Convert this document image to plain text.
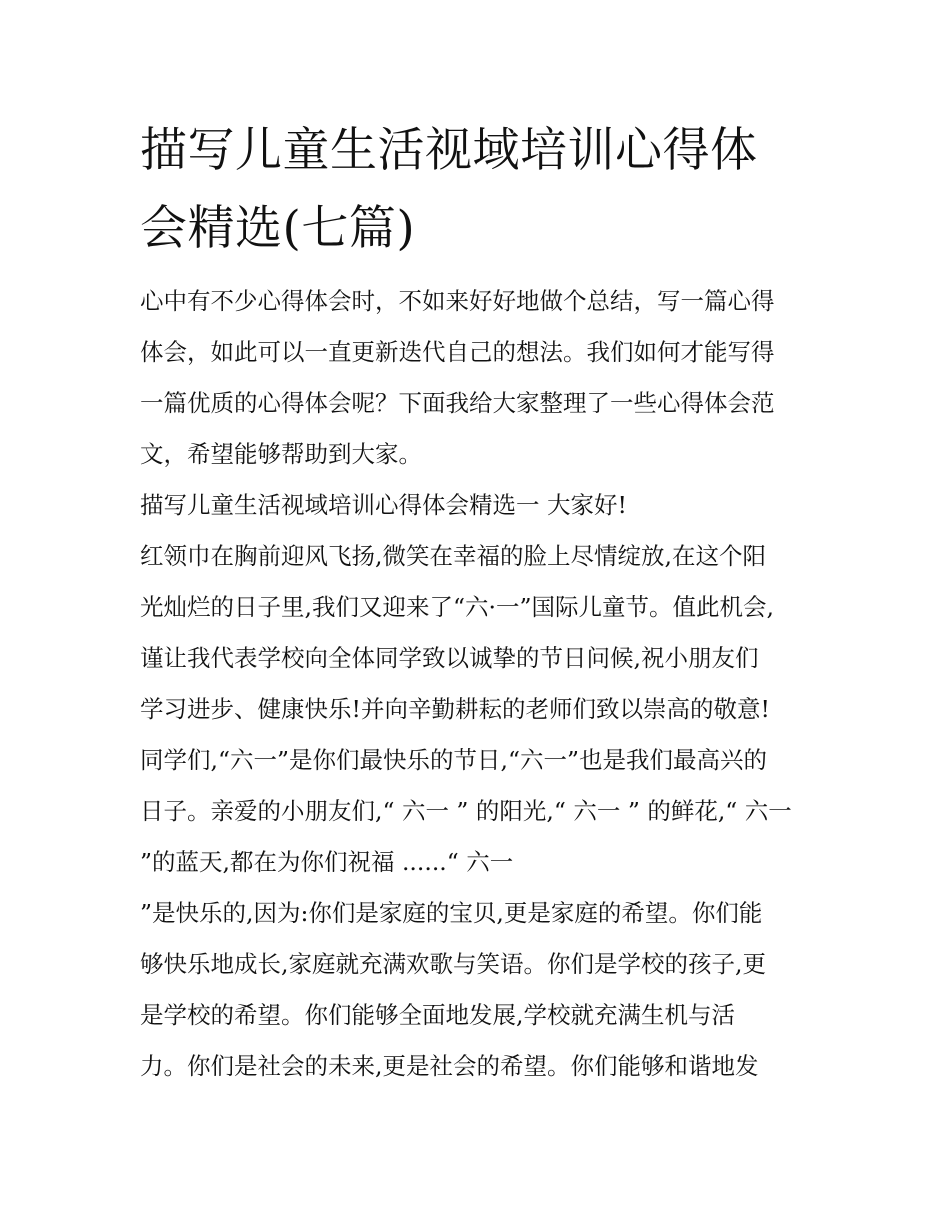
描写儿童生活视域培训心得体
会精选(七篇)
心中有不少心得体会时，不如来好好地做个总结，写一篇心得
体会，如此可以一直更新迭代自己的想法。我们如何才能写得
一篇优质的心得体会呢？下面我给大家整理了一些心得体会范
文，希望能够帮助到大家。
描写儿童生活视域培训心得体会精选一 大家好!
红领巾在胸前迎风飞扬,微笑在幸福的脸上尽情绽放,在这个阳
光灿烂的日子里,我们又迎来了“六·一”国际儿童节。值此机会,
谨让我代表学校向全体同学致以诚挚的节日问候,祝小朋友们
学习进步、健康快乐!并向辛勤耕耘的老师们致以崇高的敬意!
同学们,“六一”是你们最快乐的节日,“六一”也是我们最高兴的
日子。亲爱的小朋友们,“ 六一 ” 的阳光,“ 六一 ” 的鲜花,“ 六一
”的蓝天,都在为你们祝福 ......“ 六一
”是快乐的,因为:你们是家庭的宝贝,更是家庭的希望。你们能
够快乐地成长,家庭就充满欢歌与笑语。你们是学校的孩子,更
是学校的希望。你们能够全面地发展,学校就充满生机与活
力。你们是社会的未来,更是社会的希望。你们能够和谐地发
